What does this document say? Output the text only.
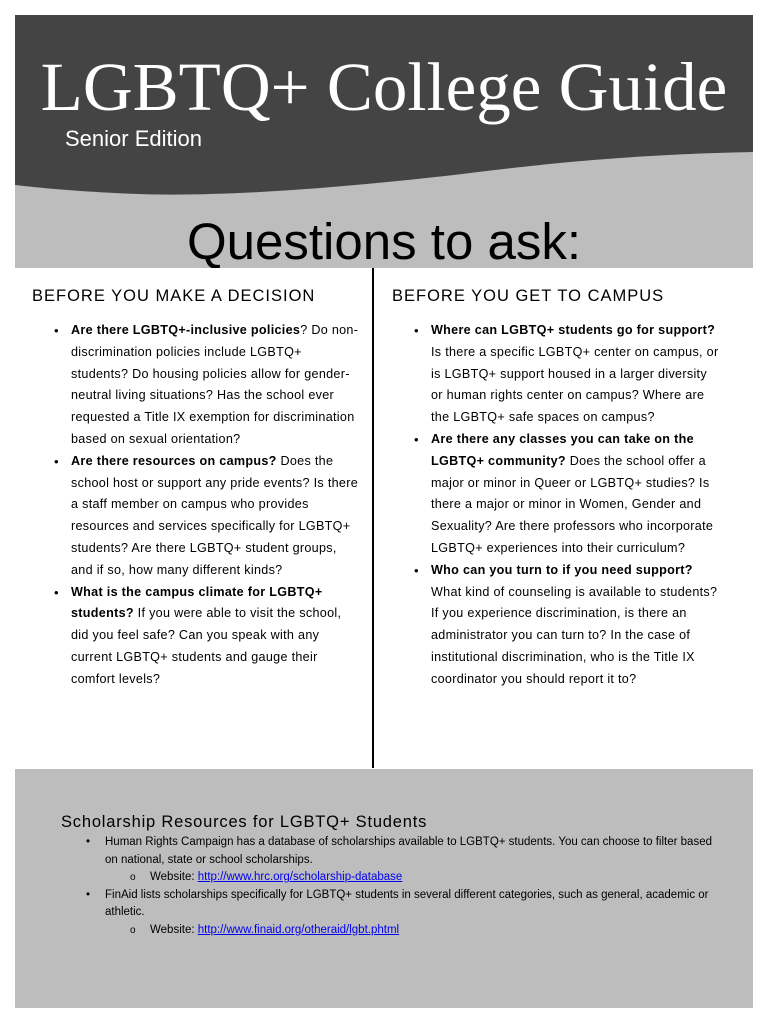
LGBTQ+ College Guide
Senior Edition
Questions to ask:
BEFORE YOU MAKE A DECISION
• Are there LGBTQ+-inclusive policies? Do non-discrimination policies include LGBTQ+ students? Do housing policies allow for gender-neutral living situations? Has the school ever requested a Title IX exemption for discrimination based on sexual orientation?
• Are there resources on campus? Does the school host or support any pride events? Is there a staff member on campus who provides resources and services specifically for LGBTQ+ students? Are there LGBTQ+ student groups, and if so, how many different kinds?
• What is the campus climate for LGBTQ+ students? If you were able to visit the school, did you feel safe? Can you speak with any current LGBTQ+ students and gauge their comfort levels?
BEFORE YOU GET TO CAMPUS
• Where can LGBTQ+ students go for support? Is there a specific LGBTQ+ center on campus, or is LGBTQ+ support housed in a larger diversity or human rights center on campus? Where are the LGBTQ+ safe spaces on campus?
• Are there any classes you can take on the LGBTQ+ community? Does the school offer a major or minor in Queer or LGBTQ+ studies? Is there a major or minor in Women, Gender and Sexuality? Are there professors who incorporate LGBTQ+ experiences into their curriculum?
• Who can you turn to if you need support? What kind of counseling is available to students? If you experience discrimination, is there an administrator you can turn to? In the case of institutional discrimination, who is the Title IX coordinator you should report it to?
Scholarship Resources for LGBTQ+ Students
• Human Rights Campaign has a database of scholarships available to LGBTQ+ students. You can choose to filter based on national, state or school scholarships.
o Website: http://www.hrc.org/scholarship-database
• FinAid lists scholarships specifically for LGBTQ+ students in several different categories, such as general, academic or athletic.
o Website: http://www.finaid.org/otheraid/lgbt.phtml
